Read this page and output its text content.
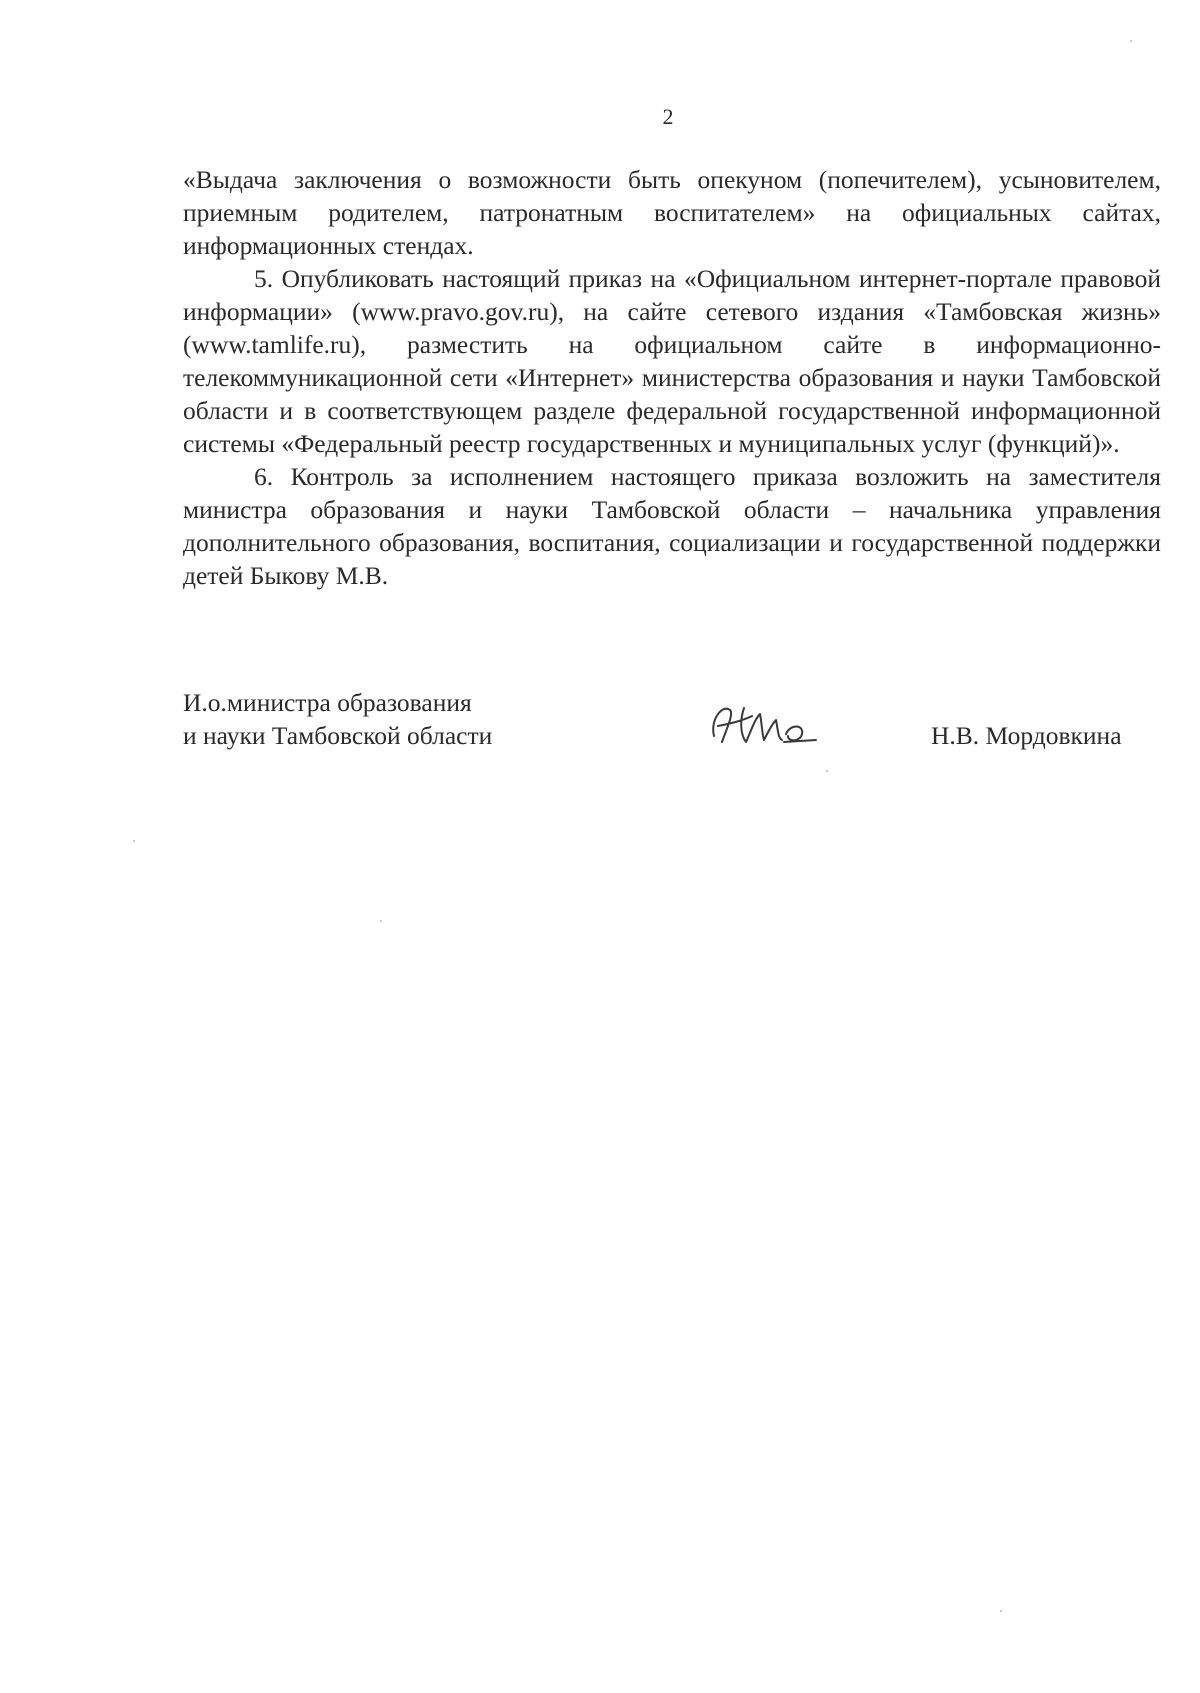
2

«Выдача заключения о возможности быть опекуном (попечителем), усыновителем, приемным родителем, патронатным воспитателем» на официальных сайтах, информационных стендах.

5. Опубликовать настоящий приказ на «Официальном интернет-портале правовой информации» (www.pravo.gov.ru), на сайте сетевого издания «Тамбовская жизнь» (www.tamlife.ru), разместить на официальном сайте в информационно-телекоммуникационной сети «Интернет» министерства образования и науки Тамбовской области и в соответствующем разделе федеральной государственной информационной системы «Федеральный реестр государственных и муниципальных услуг (функций)».

6. Контроль за исполнением настоящего приказа возложить на заместителя министра образования и науки Тамбовской области – начальника управления дополнительного образования, воспитания, социализации и государственной поддержки детей Быкову М.В.

И.о.министра образования
и науки Тамбовской области	Н.В. Мордовкина
